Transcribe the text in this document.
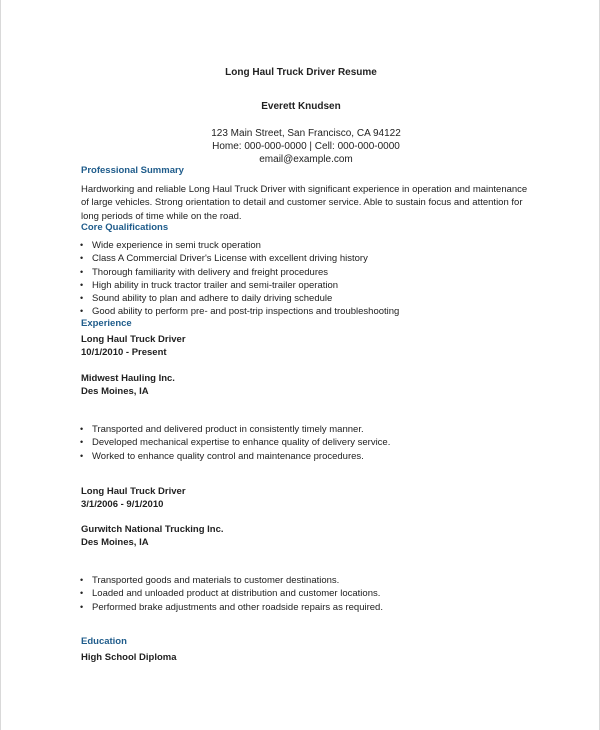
Long Haul Truck Driver Resume
Everett Knudsen
123 Main Street, San Francisco, CA 94122
Home: 000-000-0000 | Cell: 000-000-0000
email@example.com
Professional Summary
Hardworking and reliable Long Haul Truck Driver with significant experience in operation and maintenance of large vehicles. Strong orientation to detail and customer service. Able to sustain focus and attention for long periods of time while on the road.
Core Qualifications
• Wide experience in semi truck operation
• Class A Commercial Driver's License with excellent driving history
• Thorough familiarity with delivery and freight procedures
• High ability in truck tractor trailer and semi-trailer operation
• Sound ability to plan and adhere to daily driving schedule
• Good ability to perform pre- and post-trip inspections and troubleshooting
Experience
Long Haul Truck Driver
10/1/2010 - Present
Midwest Hauling Inc.
Des Moines, IA
• Transported and delivered product in consistently timely manner.
• Developed mechanical expertise to enhance quality of delivery service.
• Worked to enhance quality control and maintenance procedures.
Long Haul Truck Driver
3/1/2006 - 9/1/2010
Gurwitch National Trucking Inc.
Des Moines, IA
• Transported goods and materials to customer destinations.
• Loaded and unloaded product at distribution and customer locations.
• Performed brake adjustments and other roadside repairs as required.
Education
High School Diploma
